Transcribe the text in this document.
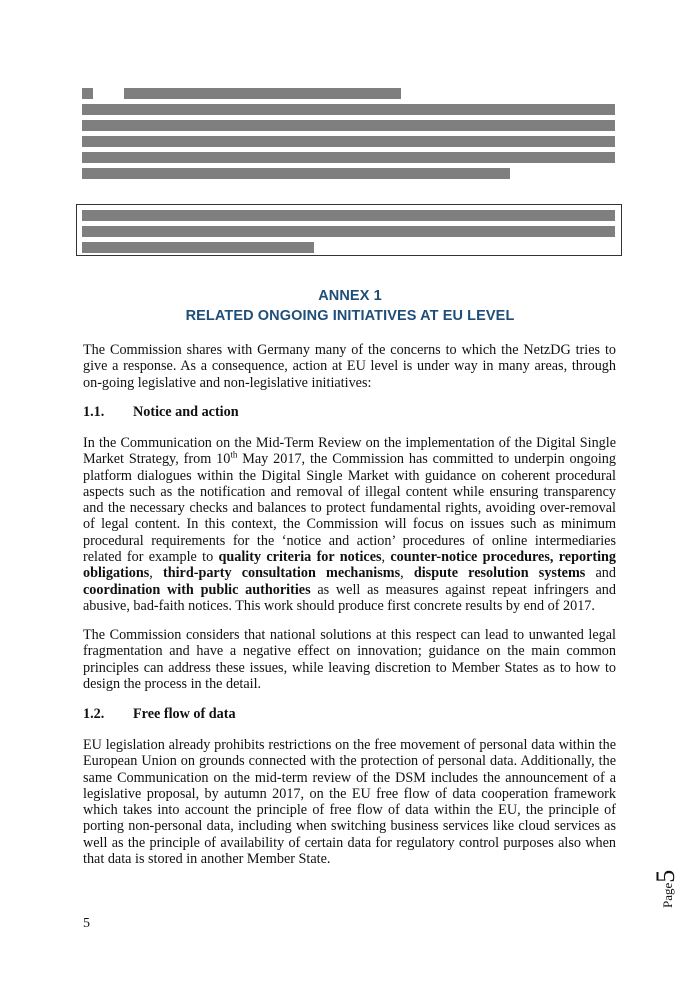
ANNEX 1
RELATED ONGOING INITIATIVES AT EU LEVEL

The Commission shares with Germany many of the concerns to which the NetzDG tries to give a response. As a consequence, action at EU level is under way in many areas, through on-going legislative and non-legislative initiatives:

1.1. Notice and action

In the Communication on the Mid-Term Review on the implementation of the Digital Single Market Strategy, from 10th May 2017, the Commission has committed to underpin ongoing platform dialogues within the Digital Single Market with guidance on coherent procedural aspects such as the notification and removal of illegal content while ensuring transparency and the necessary checks and balances to protect fundamental rights, avoiding over-removal of legal content. In this context, the Commission will focus on issues such as minimum procedural requirements for the ‘notice and action’ procedures of online intermediaries related for example to quality criteria for notices, counter-notice procedures, reporting obligations, third-party consultation mechanisms, dispute resolution systems and coordination with public authorities as well as measures against repeat infringers and abusive, bad-faith notices. This work should produce first concrete results by end of 2017.

The Commission considers that national solutions at this respect can lead to unwanted legal fragmentation and have a negative effect on innovation; guidance on the main common principles can address these issues, while leaving discretion to Member States as to how to design the process in the detail.

1.2. Free flow of data

EU legislation already prohibits restrictions on the free movement of personal data within the European Union on grounds connected with the protection of personal data. Additionally, the same Communication on the mid-term review of the DSM includes the announcement of a legislative proposal, by autumn 2017, on the EU free flow of data cooperation framework which takes into account the principle of free flow of data within the EU, the principle of porting non-personal data, including when switching business services like cloud services as well as the principle of availability of certain data for regulatory control purposes also when that data is stored in another Member State.

5
Page5
